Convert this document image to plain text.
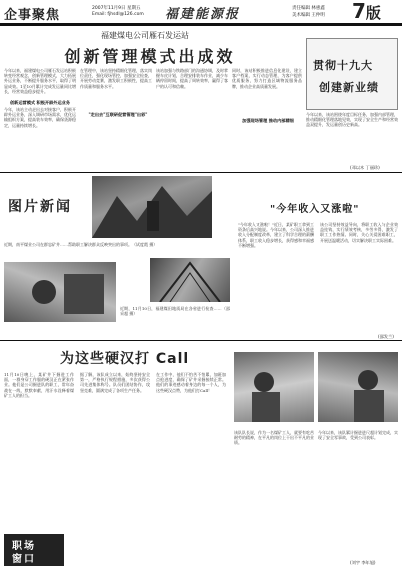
企事聚焦	2007年11月9日 星期五
Email: fjhsdl@126.com 福建能源报	责任编辑 林惠鑫
美术编辑 王仲明 7版
福建煤电公司雁石发运站
创新管理模式出成效	贯彻十九大
创建新业绩
今年以来，福建煤电公司雁石发运站积极转变经营观念，创新管理模式，大力拓展外运业务，不断提升服务水平，取得了明显成效。1至10月累计完成发运量同比增长，经营效益稳步提升。
创新运营模式 积极开辟外运业务
今年，该站主动走出去对接客户，积极开辟外运业务，深入调研市场需求，优化运输组织方案，提高装车效率，确保货源稳定，运量持续增长。
在管理中，该站坚持精细化管理，落实岗位责任，强化现场管控，加强安全检查，开展劳动竞赛，激发职工积极性，提高工作质量和服务水平。
"走出去"互联研促营管理"出彩"
该站加强与铁路部门的沟通协调，及时掌握车皮计划，合理安排装车作业，减少车辆停留时间，提高了周转效率，赢得了客户的认可和信赖。
同时，该站积极推进信息化建设，建立客户档案，实行动态管理，为客户提供优质服务，努力打造区域物流服务品牌，推动企业高质量发展。
加强现场管理 推动内部精细
今年以来，该站围绕年度目标任务，加强内部管理，推动精细化管理落地见效，实现了安全生产和经营效益双提升，发运量创历史新高。
(邓以木 丁丽珍)
图片新闻
近期，南平煤业公司在群忠矿井……帮助职工解决群众反映突出的事项。（试度霞 摄）
近期，11月10日，福建煤田地质局在各省进行检查……（邵采超 摄）
"今年收入又涨啦"
"今年收入又涨啦！"近日，某矿职工拿到工资条后高兴地说。今年以来，公司深入推进收入分配制度改革，建立了科学合理的薪酬体系，职工收入稳步增长，获得感和幸福感不断增强。
该公司坚持效益导向，将职工收入与企业效益挂钩，实行绩效考核，多劳多得，激发了职工工作热情。同时，关心关爱困难职工，开展送温暖活动，切实解决职工实际困难。
(邵发兰)
为这些硬汉打 Call
11月10日晚上，某矿井下掘进工作面，一群身穿工作服的硬汉正在紧张作业。他们是公司掘进队的职工，常年奋战在一线，默默奉献，用汗水诠释着煤矿工人的担当。
据了解，该队成立以来，始终坚持安全第一，严格执行规程措施，多次获得公司先进集体称号。队员们团结协作，攻坚克难，圆满完成了各项生产任务。
在工作中，他们不怕苦不怕累，加班加点抢进度，确保了矿井采掘接续正常。他们的事迹感动着身边的每一个人，为这些硬汉点赞，为他们打Call！
该队队长说，作为一名煤矿工人，就要有吃苦耐劳的精神，在平凡的岗位上干出不平凡的业绩。
今年以来，该队累计掘进进尺超计划完成，实现了安全零事故，受到公司表彰。
职场
窗口	(刘宇 李年旭)
